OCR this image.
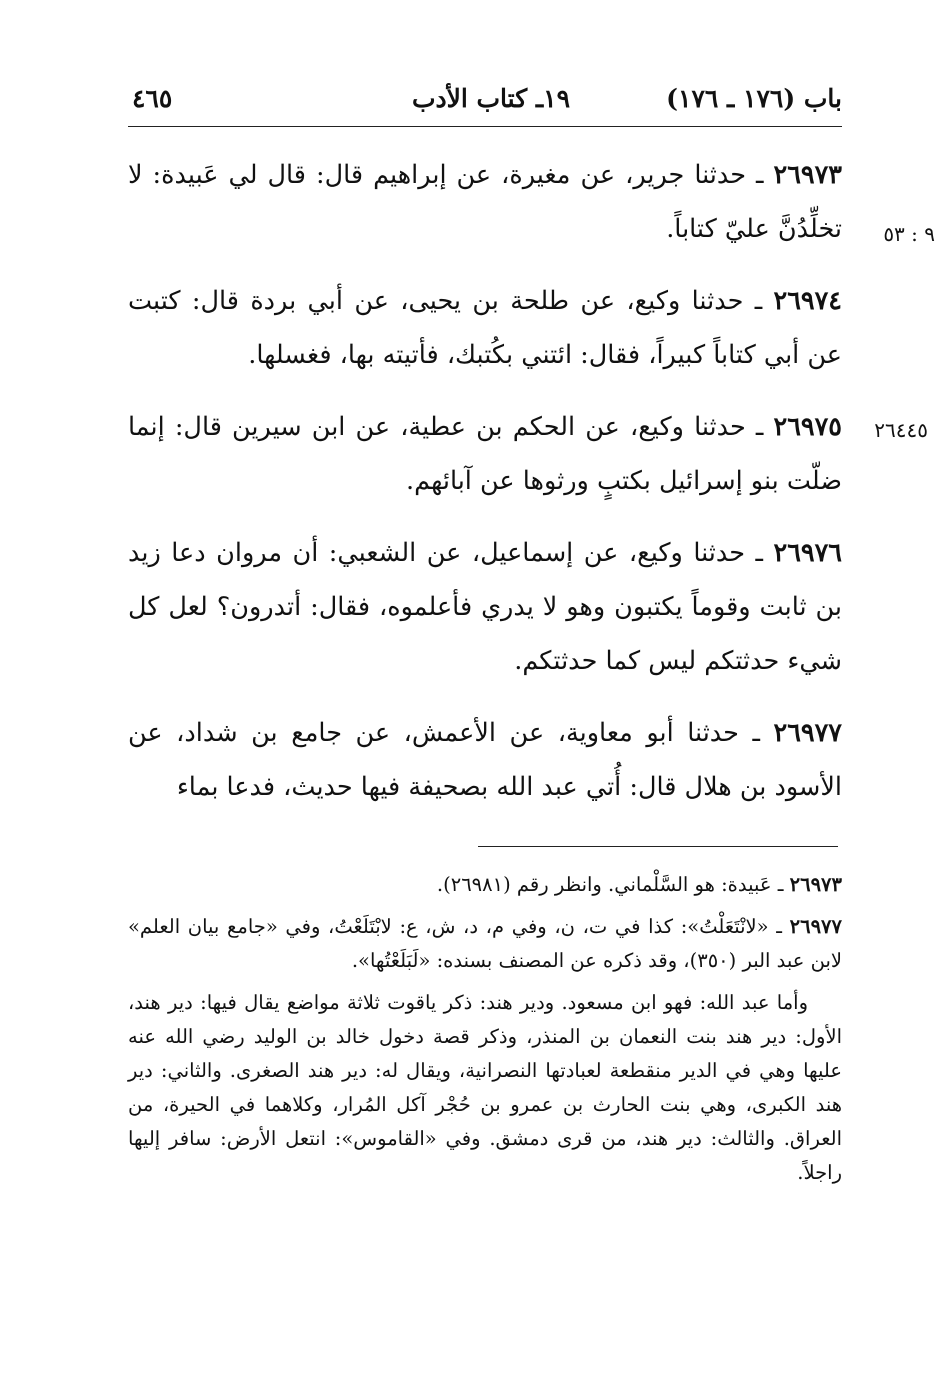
باب (١٧٦ ـ ١٧٦)
١٩ـ كتاب الأدب
٤٦٥
٩ : ٥٣
٢٦٤٤٥

٢٦٩٧٣ ـ حدثنا جرير، عن مغيرة، عن إبراهيم قال: قال لي عَبيدة: لا تخلِّدُنَّ عليّ كتاباً.

٢٦٩٧٤ ـ حدثنا وكيع، عن طلحة بن يحيى، عن أبي بردة قال: كتبت عن أبي كتاباً كبيراً، فقال: ائتني بكُتبك، فأتيته بها، فغسلها.

٢٦٩٧٥ ـ حدثنا وكيع، عن الحكم بن عطية، عن ابن سيرين قال: إنما ضلّت بنو إسرائيل بكتبٍ ورثوها عن آبائهم.

٢٦٩٧٦ ـ حدثنا وكيع، عن إسماعيل، عن الشعبي: أن مروان دعا زيد بن ثابت وقوماً يكتبون وهو لا يدري فأعلموه، فقال: أتدرون؟ لعل كل شيء حدثتكم ليس كما حدثتكم.

٢٦٩٧٧ ـ حدثنا أبو معاوية، عن الأعمش، عن جامع بن شداد، عن الأسود بن هلال قال: أُتي عبد الله بصحيفة فيها حديث، فدعا بماء

٢٦٩٧٣ ـ عَبيدة: هو السَّلْماني. وانظر رقم (٢٦٩٨١).

٢٦٩٧٧ ـ «لانْتَعَلْتُ»: كذا في ت، ن، وفي م، د، ش، ع: لابْتَلَعْتُ، وفي «جامع بيان العلم» لابن عبد البر (٣٥٠)، وقد ذكره عن المصنف بسنده: «لَبَلَعْتُها».

وأما عبد الله: فهو ابن مسعود. ودير هند: ذكر ياقوت ثلاثة مواضع يقال فيها: دير هند، الأول: دير هند بنت النعمان بن المنذر، وذكر قصة دخول خالد بن الوليد رضي الله عنه عليها وهي في الدير منقطعة لعبادتها النصرانية، ويقال له: دير هند الصغرى. والثاني: دير هند الكبرى، وهي بنت الحارث بن عمرو بن حُجْر آكل المُرار، وكلاهما في الحيرة، من العراق. والثالث: دير هند، من قرى دمشق. وفي «القاموس»: انتعل الأرض: سافر إليها راجلاً.
